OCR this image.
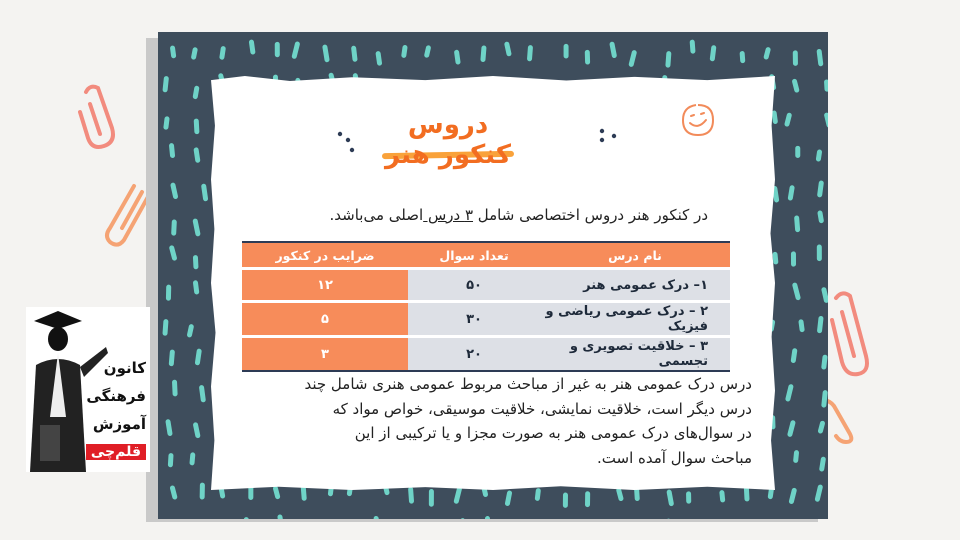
دروس کنکور هنر
در کنکور هنر دروس اختصاصی شامل ۳ درس اصلی می‌باشد.
نام درس	تعداد سوال	ضرایب در کنکور
۱– درک عمومی هنر	۵۰	۱۲
۲ – درک عمومی ریاضی و فیزیک	۳۰	۵
۳ – خلاقیت تصویری و تجسمی	۲۰	۳
درس درک عمومی هنر به غیر از مباحث مربوط عمومی هنری شامل چند
درس دیگر است، خلاقیت نمایشی، خلاقیت موسیقی، خواص مواد که
در سوال‌های درک عمومی هنر به صورت مجزا و یا ترکیبی از این
مباحث سوال آمده است.
کانون
فرهنگی
آموزش
قلم‌چی
